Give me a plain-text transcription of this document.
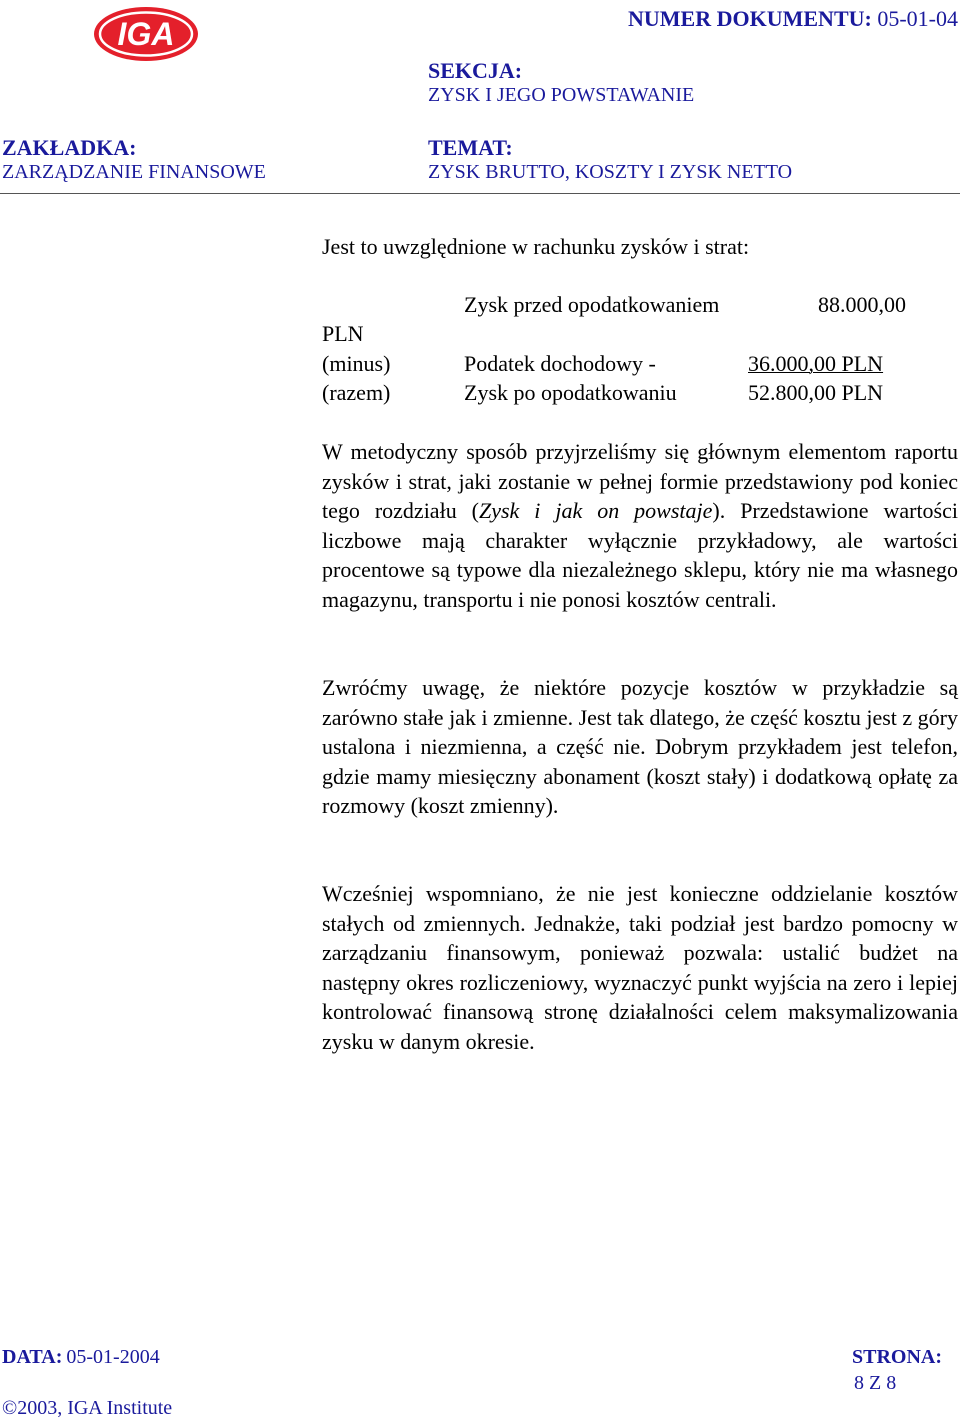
IGA	NUMER DOKUMENTU: 05-01-04
SEKCJA:
ZYSK I JEGO POWSTAWANIE
ZAKŁADKA:
ZARZĄDZANIE FINANSOWE
TEMAT:
ZYSK BRUTTO, KOSZTY I ZYSK NETTO
Jest to uwzględnione w rachunku zysków i strat:
Zysk przed opodatkowaniem	88.000,00
PLN
(minus)	Podatek dochodowy -	36.000,00 PLN
(razem)	Zysk po opodatkowaniu	52.800,00 PLN
W metodyczny sposób przyjrzeliśmy się głównym elementom raportu zysków i strat, jaki zostanie w pełnej formie przedstawiony pod koniec tego rozdziału (Zysk i jak on powstaje). Przedstawione wartości liczbowe mają charakter wyłącznie przykładowy, ale wartości procentowe są typowe dla niezależnego sklepu, który nie ma własnego magazynu, transportu i nie ponosi kosztów centrali.
Zwróćmy uwagę, że niektóre pozycje kosztów w przykładzie są zarówno stałe jak i zmienne. Jest tak dlatego, że część kosztu jest z góry ustalona i niezmienna, a część nie. Dobrym przykładem jest telefon, gdzie mamy miesięczny abonament (koszt stały) i dodatkową opłatę za rozmowy (koszt zmienny).
Wcześniej wspomniano, że nie jest konieczne oddzielanie kosztów stałych od zmiennych. Jednakże, taki podział jest bardzo pomocny w zarządzaniu finansowym, ponieważ pozwala: ustalić budżet na następny okres rozliczeniowy, wyznaczyć punkt wyjścia na zero i lepiej kontrolować finansową stronę działalności celem maksymalizowania zysku w danym okresie.
DATA: 05-01-2004	STRONA:
8 Z 8
©2003, IGA Institute
